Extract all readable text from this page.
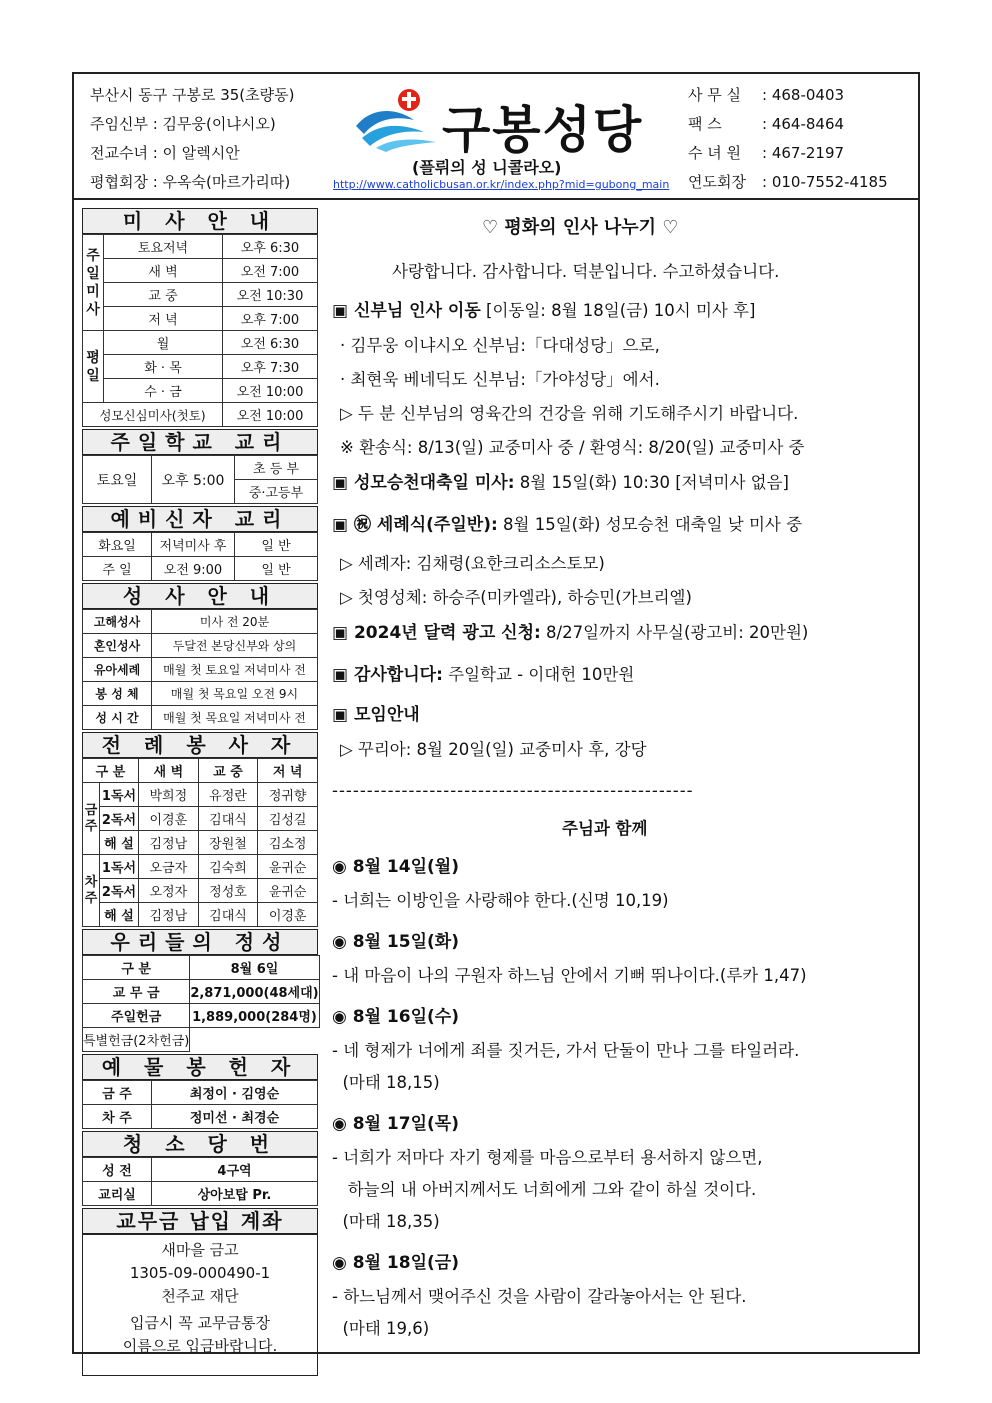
부산시 동구 구봉로 35(초량동)
주임신부 : 김무웅(이냐시오)
전교수녀 : 이 알렉시안
평협회장 : 우옥숙(마르가리따)
구봉성당
(플뤼의 성 니콜라오)
http://www.catholicbusan.or.kr/index.php?mid=gubong_main
사 무 실 : 468-0403
팩 스	: 464-8464
수 녀 원 : 467-2197
연도회장 : 010-7552-4185
미 사 안 내
주일미사	토요저녁	오후 6:30
	새 벽	오전 7:00
	교 중	오전 10:30
	저 녁	오후 7:00
평일	월	오전 6:30
	화 · 목	오후 7:30
	수 · 금	오전 10:00
성모신심미사(첫토)		오전 10:00
주일학교 교리
토요일	오후 5:00	초 등 부
중·고등부
예비신자 교리
화요일	저녁미사 후	일 반
주 일	오전 9:00	일 반
성 사 안 내
고해성사	미사 전 20분
혼인성사	두달전 본당신부와 상의
유아세례	매월 첫 토요일 저녁미사 전
봉 성 체	매월 첫 목요일 오전 9시
성 시 간	매월 첫 목요일 저녁미사 전
전 례 봉 사 자
구 분		새 벽	교 중	저 녁
금주	1독서	박희정	유정란	정귀향
	2독서	이경훈	김대식	김성길
	해 설	김정남	장원철	김소정
차주	1독서	오금자	김숙희	윤귀순
	2독서	오정자	정성호	윤귀순
	해 설	김정남	김대식	이경훈
우리들의 정성
구 분	8월 6일
교 무 금	2,871,000(48세대)
주일헌금	1,889,000(284명)
특별헌금(2차헌금)	
예 물 봉 헌 자
금 주	최정이 · 김영순
차 주	정미선 · 최경순
청 소 당 번
성 전	4구역
교리실	상아보탑 Pr.
교무금 납입 계좌
새마을 금고
1305-09-000490-1
천주교 재단
입금시 꼭 교무금통장
이름으로 입금바랍니다.
♡ 평화의 인사 나누기 ♡
사랑합니다. 감사합니다. 덕분입니다. 수고하셨습니다.
▣ 신부님 인사 이동 [이동일: 8월 18일(금) 10시 미사 후]
· 김무웅 이냐시오 신부님:「다대성당」으로,
· 최현욱 베네딕도 신부님:「가야성당」에서.
▷ 두 분 신부님의 영육간의 건강을 위해 기도해주시기 바랍니다.
※ 환송식: 8/13(일) 교중미사 중 / 환영식: 8/20(일) 교중미사 중
▣ 성모승천대축일 미사: 8월 15일(화) 10:30 [저녁미사 없음]
▣ ㊗ 세례식(주일반): 8월 15일(화) 성모승천 대축일 낮 미사 중
▷ 세례자: 김채령(요한크리소스토모)
▷ 첫영성체: 하승주(미카엘라), 하승민(가브리엘)
▣ 2024년 달력 광고 신청: 8/27일까지 사무실(광고비: 20만원)
▣ 감사합니다: 주일학교 - 이대헌 10만원
▣ 모임안내
▷ 꾸리아: 8월 20일(일) 교중미사 후, 강당
----------------------------------------------------
주님과 함께
◉ 8월 14일(월)
- 너희는 이방인을 사랑해야 한다.(신명 10,19)
◉ 8월 15일(화)
- 내 마음이 나의 구원자 하느님 안에서 기뻐 뛰나이다.(루카 1,47)
◉ 8월 16일(수)
- 네 형제가 너에게 죄를 짓거든, 가서 단둘이 만나 그를 타일러라.
(마태 18,15)
◉ 8월 17일(목)
- 너희가 저마다 자기 형제를 마음으로부터 용서하지 않으면,
하늘의 내 아버지께서도 너희에게 그와 같이 하실 것이다.
(마태 18,35)
◉ 8월 18일(금)
- 하느님께서 맺어주신 것을 사람이 갈라놓아서는 안 된다.
(마태 19,6)
